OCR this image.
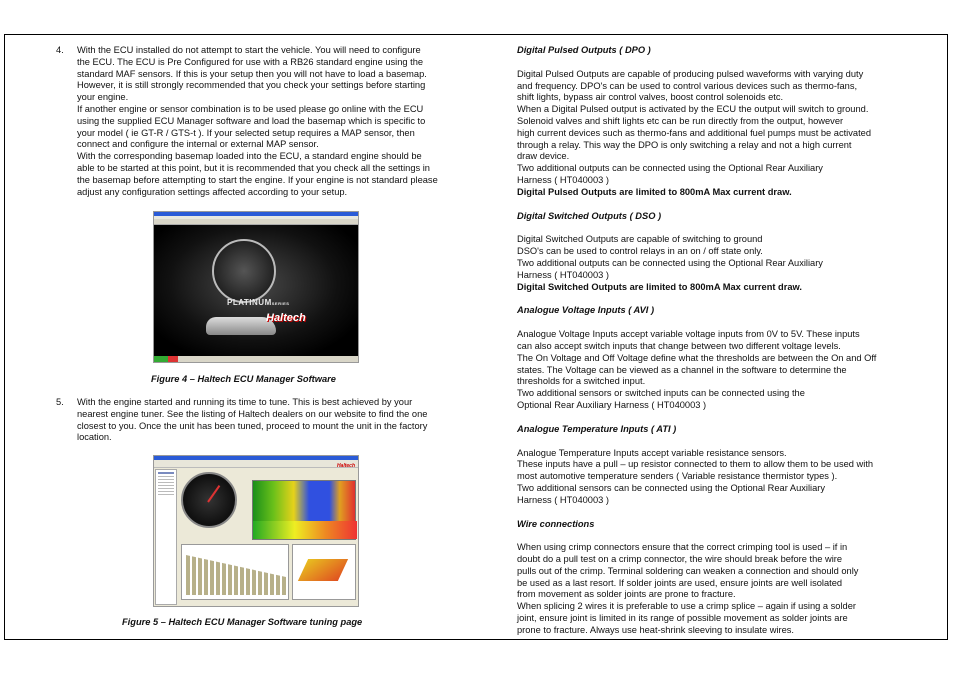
4. With the ECU installed do not attempt to start the vehicle. You will need to configure
the ECU. The ECU is Pre Configured for use with a RB26 standard engine using the
standard MAF sensors. If this is your setup then you will not have to load a basemap.
However, it is still strongly recommended that you check your settings before starting
your engine.
If another engine or sensor combination is to be used please go online with the ECU
using the supplied ECU Manager software and load the basemap which is specific to
your model ( ie GT-R / GTS-t ). If your selected setup requires a MAP sensor, then
connect and configure the internal or external MAP sensor.
With the corresponding basemap loaded into the ECU, a standard engine should be
able to be started at this point, but it is recommended that you check all the settings in
the basemap before attempting to start the engine. If your engine is not standard please
adjust any configuration settings affected according to your setup.

PLATINUMSERIES
Haltech
Figure 4 – Haltech ECU Manager Software
5. With the engine started and running its time to tune. This is best achieved by your
nearest engine tuner. See the listing of Haltech dealers on our website to find the one
closest to you. Once the unit has been tuned, proceed to mount the unit in the factory
location.

Haltech
Figure 5 – Haltech ECU Manager Software tuning page

Digital Pulsed Outputs ( DPO )

Digital Pulsed Outputs are capable of producing pulsed waveforms with varying duty
and frequency. DPO's can be used to control various devices such as thermo-fans,
shift lights, bypass air control valves, boost control solenoids etc.
When a Digital Pulsed output is activated by the ECU the output will switch to ground.
Solenoid valves and shift lights etc can be run directly from the output, however
high current devices such as thermo-fans and additional fuel pumps must be activated
through a relay. This way the DPO is only switching a relay and not a high current
draw device.
Two additional outputs can be connected using the Optional Rear Auxiliary
Harness ( HT040003 )
Digital Pulsed Outputs are limited to 800mA Max current draw.

Digital Switched Outputs ( DSO )

Digital Switched Outputs are capable of switching to ground
DSO's can be used to control relays in an on / off state only.
Two additional outputs can be connected using the Optional Rear Auxiliary
Harness ( HT040003 )
Digital Switched Outputs are limited to 800mA Max current draw.

Analogue Voltage Inputs ( AVI )

Analogue Voltage Inputs accept variable voltage inputs from 0V to 5V. These inputs
can also accept switch inputs that change between two different voltage levels.
The On Voltage and Off Voltage define what the thresholds are between the On and Off
states. The Voltage can be viewed as a channel in the software to determine the
thresholds for a switched input.
Two additional sensors or switched inputs can be connected using the
Optional Rear Auxiliary Harness ( HT040003 )

Analogue Temperature Inputs ( ATI )

Analogue Temperature Inputs accept variable resistance sensors.
These inputs have a pull – up resistor connected to them to allow them to be used with
most automotive temperature senders ( Variable resistance thermistor types ).
Two additional sensors can be connected using the Optional Rear Auxiliary
Harness ( HT040003 )

Wire connections

When using crimp connectors ensure that the correct crimping tool is used – if in
doubt do a pull test on a crimp connector, the wire should break before the wire
pulls out of the crimp. Terminal soldering can weaken a connection and should only
be used as a last resort. If solder joints are used, ensure joints are well isolated
from movement as solder joints are prone to fracture.
When splicing 2 wires it is preferable to use a crimp splice – again if using a solder
joint, ensure joint is limited in its range of possible movement as solder joints are
prone to fracture. Always use heat-shrink sleeving to insulate wires.
